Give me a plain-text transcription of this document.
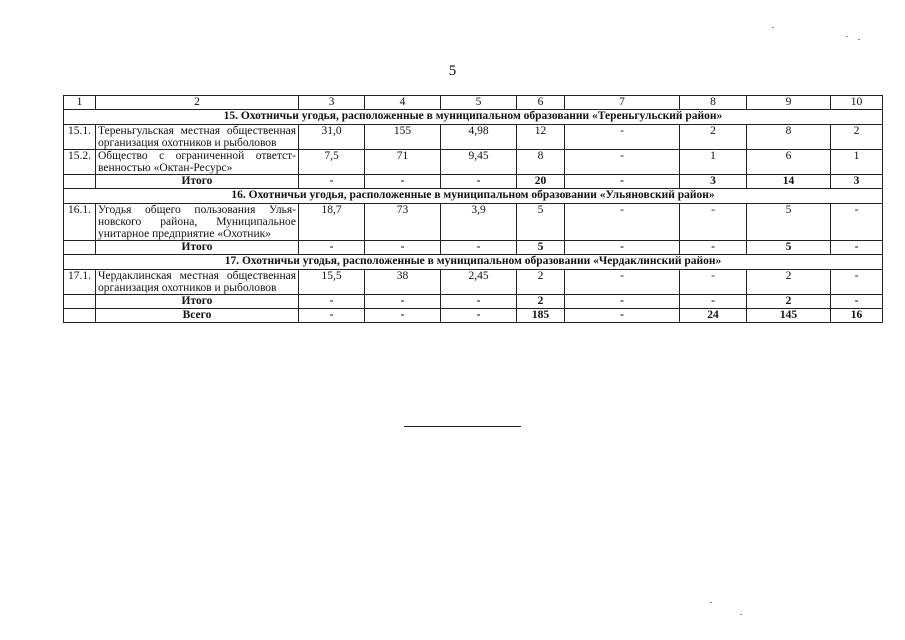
5
1	2	3	4	5	6	7	8	9	10
15. Охотничьи угодья, расположенные в муниципальном образовании «Тереньгульский район»									
15.1.	Тереньгульская местная общественная организация охотников и рыболовов	31,0	155	4,98	12	-	2	8	2
15.2.	Общество с ограниченной ответственностью «Октан-Ресурс»	7,5	71	9,45	8	-	1	6	1
	Итого	-	-	-	20	-	3	14	3
16. Охотничьи угодья, расположенные в муниципальном образовании «Ульяновский район»									
16.1.	Угодья общего пользования Ульяновского района, Муниципальное унитарное предприятие «Охотник»	18,7	73	3,9	5	-	-	5	-
	Итого	-	-	-	5	-	-	5	-
17. Охотничьи угодья, расположенные в муниципальном образовании «Чердаклинский район»									
17.1.	Чердаклинская местная общественная организация охотников и рыболовов	15,5	38	2,45	2	-	-	2	-
	Итого	-	-	-	2	-	-	2	-
	Всего	-	-	-	185	-	24	145	16
